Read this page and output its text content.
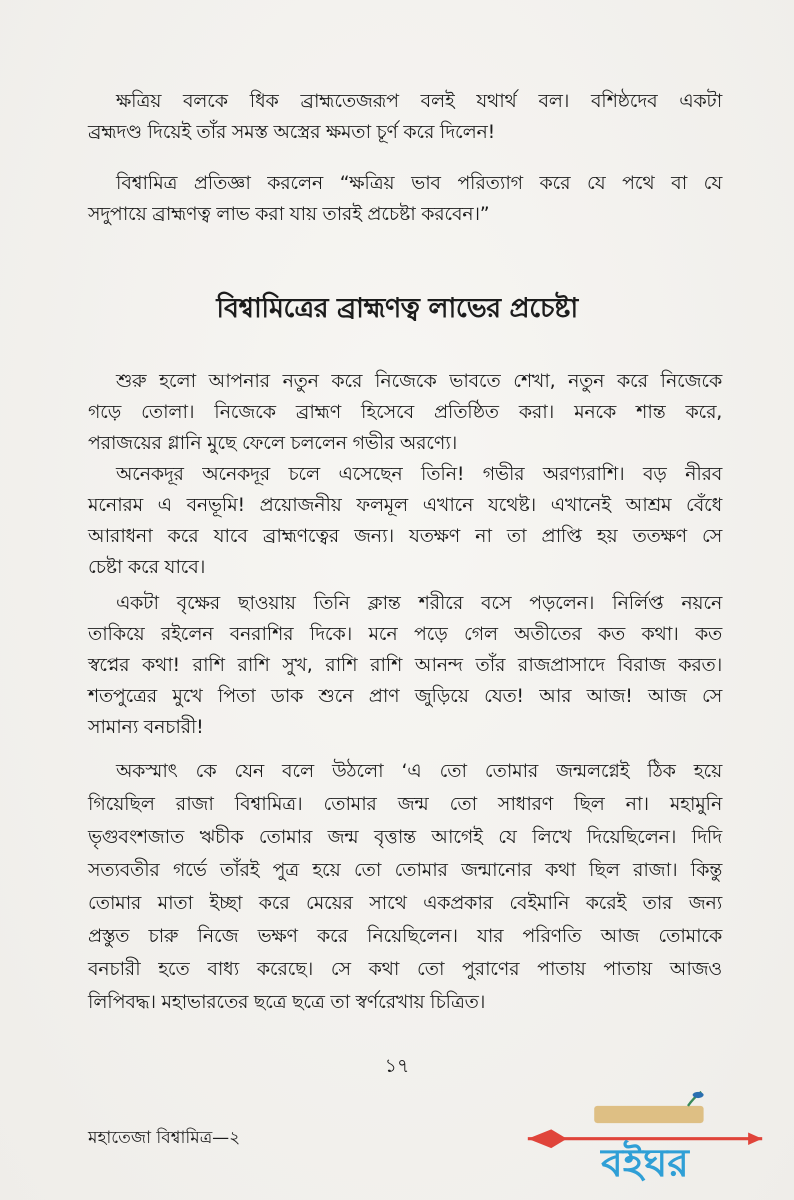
ক্ষত্রিয় বলকে ধিক ব্রাহ্মতেজরূপ বলই যথার্থ বল। বশিষ্ঠদেব একটা
ব্রহ্মদণ্ড দিয়েই তাঁর সমস্ত অস্ত্রের ক্ষমতা চূর্ণ করে দিলেন!
বিশ্বামিত্র প্রতিজ্ঞা করলেন “ক্ষত্রিয় ভাব পরিত্যাগ করে যে পথে বা যে
সদুপায়ে ব্রাহ্মণত্ব লাভ করা যায় তারই প্রচেষ্টা করবেন।”
বিশ্বামিত্রের ব্রাহ্মণত্ব লাভের প্রচেষ্টা
শুরু হলো আপনার নতুন করে নিজেকে ভাবতে শেখা, নতুন করে নিজেকে
গড়ে তোলা। নিজেকে ব্রাহ্মণ হিসেবে প্রতিষ্ঠিত করা। মনকে শান্ত করে,
পরাজয়ের গ্লানি মুছে ফেলে চললেন গভীর অরণ্যে।
অনেকদূর অনেকদূর চলে এসেছেন তিনি! গভীর অরণ্যরাশি। বড় নীরব
মনোরম এ বনভূমি! প্রয়োজনীয় ফলমূল এখানে যথেষ্ট। এখানেই আশ্রম বেঁধে
আরাধনা করে যাবে ব্রাহ্মণত্বের জন্য। যতক্ষণ না তা প্রাপ্তি হয় ততক্ষণ সে
চেষ্টা করে যাবে।
একটা বৃক্ষের ছাওয়ায় তিনি ক্লান্ত শরীরে বসে পড়লেন। নির্লিপ্ত নয়নে
তাকিয়ে রইলেন বনরাশির দিকে। মনে পড়ে গেল অতীতের কত কথা। কত
স্বপ্নের কথা! রাশি রাশি সুখ, রাশি রাশি আনন্দ তাঁর রাজপ্রাসাদে বিরাজ করত।
শতপুত্রের মুখে পিতা ডাক শুনে প্রাণ জুড়িয়ে যেত! আর আজ! আজ সে
সামান্য বনচারী!
অকস্মাৎ কে যেন বলে উঠলো ‘এ তো তোমার জন্মলগ্নেই ঠিক হয়ে
গিয়েছিল রাজা বিশ্বামিত্র। তোমার জন্ম তো সাধারণ ছিল না। মহামুনি
ভৃগুবংশজাত ঋচীক তোমার জন্ম বৃত্তান্ত আগেই যে লিখে দিয়েছিলেন। দিদি
সত্যবতীর গর্ভে তাঁরই পুত্র হয়ে তো তোমার জন্মানোর কথা ছিল রাজা। কিন্তু
তোমার মাতা ইচ্ছা করে মেয়ের সাথে একপ্রকার বেইমানি করেই তার জন্য
প্রস্তুত চারু নিজে ভক্ষণ করে নিয়েছিলেন। যার পরিণতি আজ তোমাকে
বনচারী হতে বাধ্য করেছে। সে কথা তো পুরাণের পাতায় পাতায় আজও
লিপিবদ্ধ। মহাভারতের ছত্রে ছত্রে তা স্বর্ণরেখায় চিত্রিত।
১৭
মহাতেজা বিশ্বামিত্র—২
বইঘর
